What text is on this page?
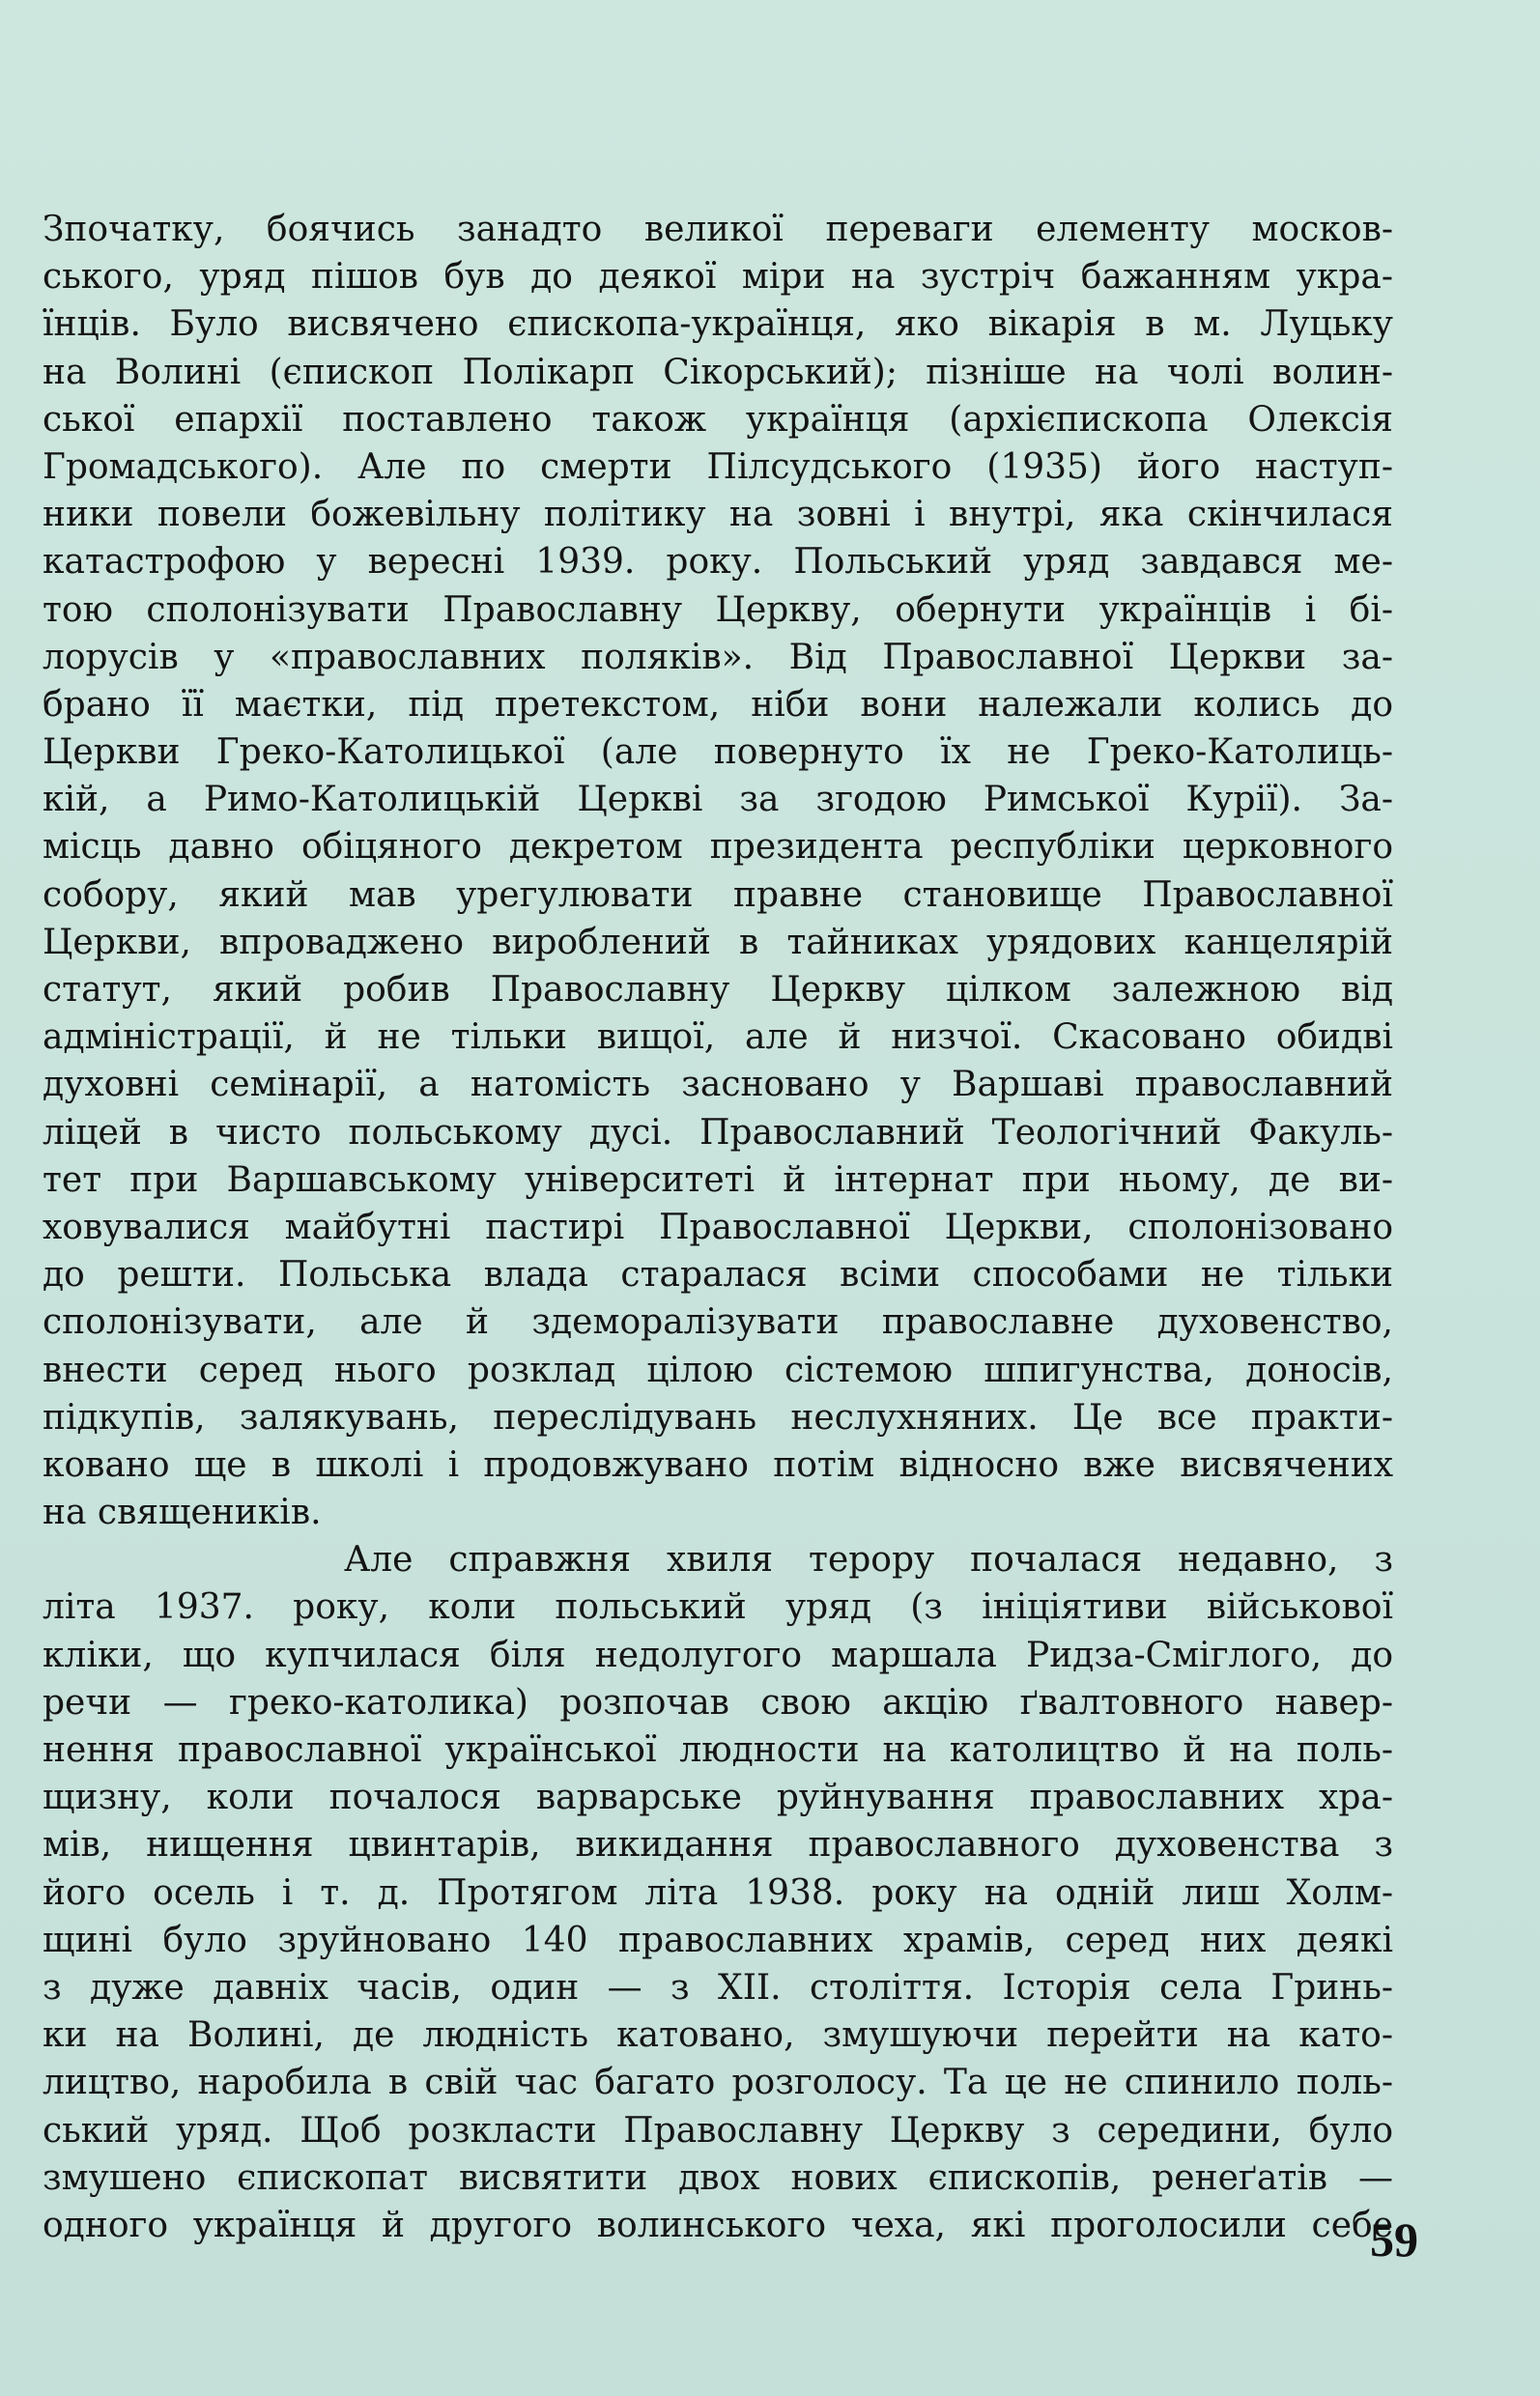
Зпочатку, боячись занадто великої переваги елементу москов-
ського, уряд пішов був до деякої міри на зустріч бажанням укра-
їнців. Було висвячено єпископа-українця, яко вікарія в м. Луцьку
на Волині (єпископ Полікарп Сікорський); пізніше на чолі волин-
ської епархії поставлено також українця (архієпископа Олексія
Громадського). Але по смерти Пілсудського (1935) його наступ-
ники повели божевільну політику на зовні і внутрі, яка скінчилася
катастрофою у вересні 1939. року. Польський уряд завдався ме-
тою сполонізувати Православну Церкву, обернути українців і бі-
лорусів у «православних поляків». Від Православної Церкви за-
брано її маєтки, під претекстом, ніби вони належали колись до
Церкви Греко-Католицької (але повернуто їх не Греко-Католиць-
кій, а Римо-Католицькій Церкві за згодою Римської Курії). За-
місць давно обіцяного декретом президента республіки церковного
собору, який мав урегулювати правне становище Православної
Церкви, впроваджено вироблений в тайниках урядових канцелярій
статут, який робив Православну Церкву цілком залежною від
адміністрації, й не тільки вищої, але й низчої. Скасовано обидві
духовні семінарії, а натомість засновано у Варшаві православний
ліцей в чисто польському дусі. Православний Теологічний Факуль-
тет при Варшавському університеті й інтернат при ньому, де ви-
ховувалися майбутні пастирі Православної Церкви, сполонізовано
до решти. Польська влада старалася всіми способами не тільки
сполонізувати, але й здеморалізувати православне духовенство,
внести серед нього розклад цілою сістемою шпигунства, доносів,
підкупів, залякувань, переслідувань неслухняних. Це все практи-
ковано ще в школі і продовжувано потім відносно вже висвячених
на священиків.
Але справжня хвиля терору почалася недавно, з
літа 1937. року, коли польський уряд (з ініціятиви військової
кліки, що купчилася біля недолугого маршала Ридза-Сміглого, до
речи — греко-католика) розпочав свою акцію ґвалтовного навер-
нення православної української людности на католицтво й на поль-
щизну, коли почалося варварське руйнування православних хра-
мів, нищення цвинтарів, викидання православного духовенства з
його осель і т. д. Протягом літа 1938. року на одній лиш Холм-
щині було зруйновано 140 православних храмів, серед них деякі
з дуже давніх часів, один — з XII. століття. Історія села Гринь-
ки на Волині, де людність катовано, змушуючи перейти на като-
лицтво, наробила в свій час багато розголосу. Та це не спинило поль-
ський уряд. Щоб розкласти Православну Церкву з середини, було
змушено єпископат висвятити двох нових єпископів, ренеґатів —
одного українця й другого волинського чеха, які проголосили себе
59
